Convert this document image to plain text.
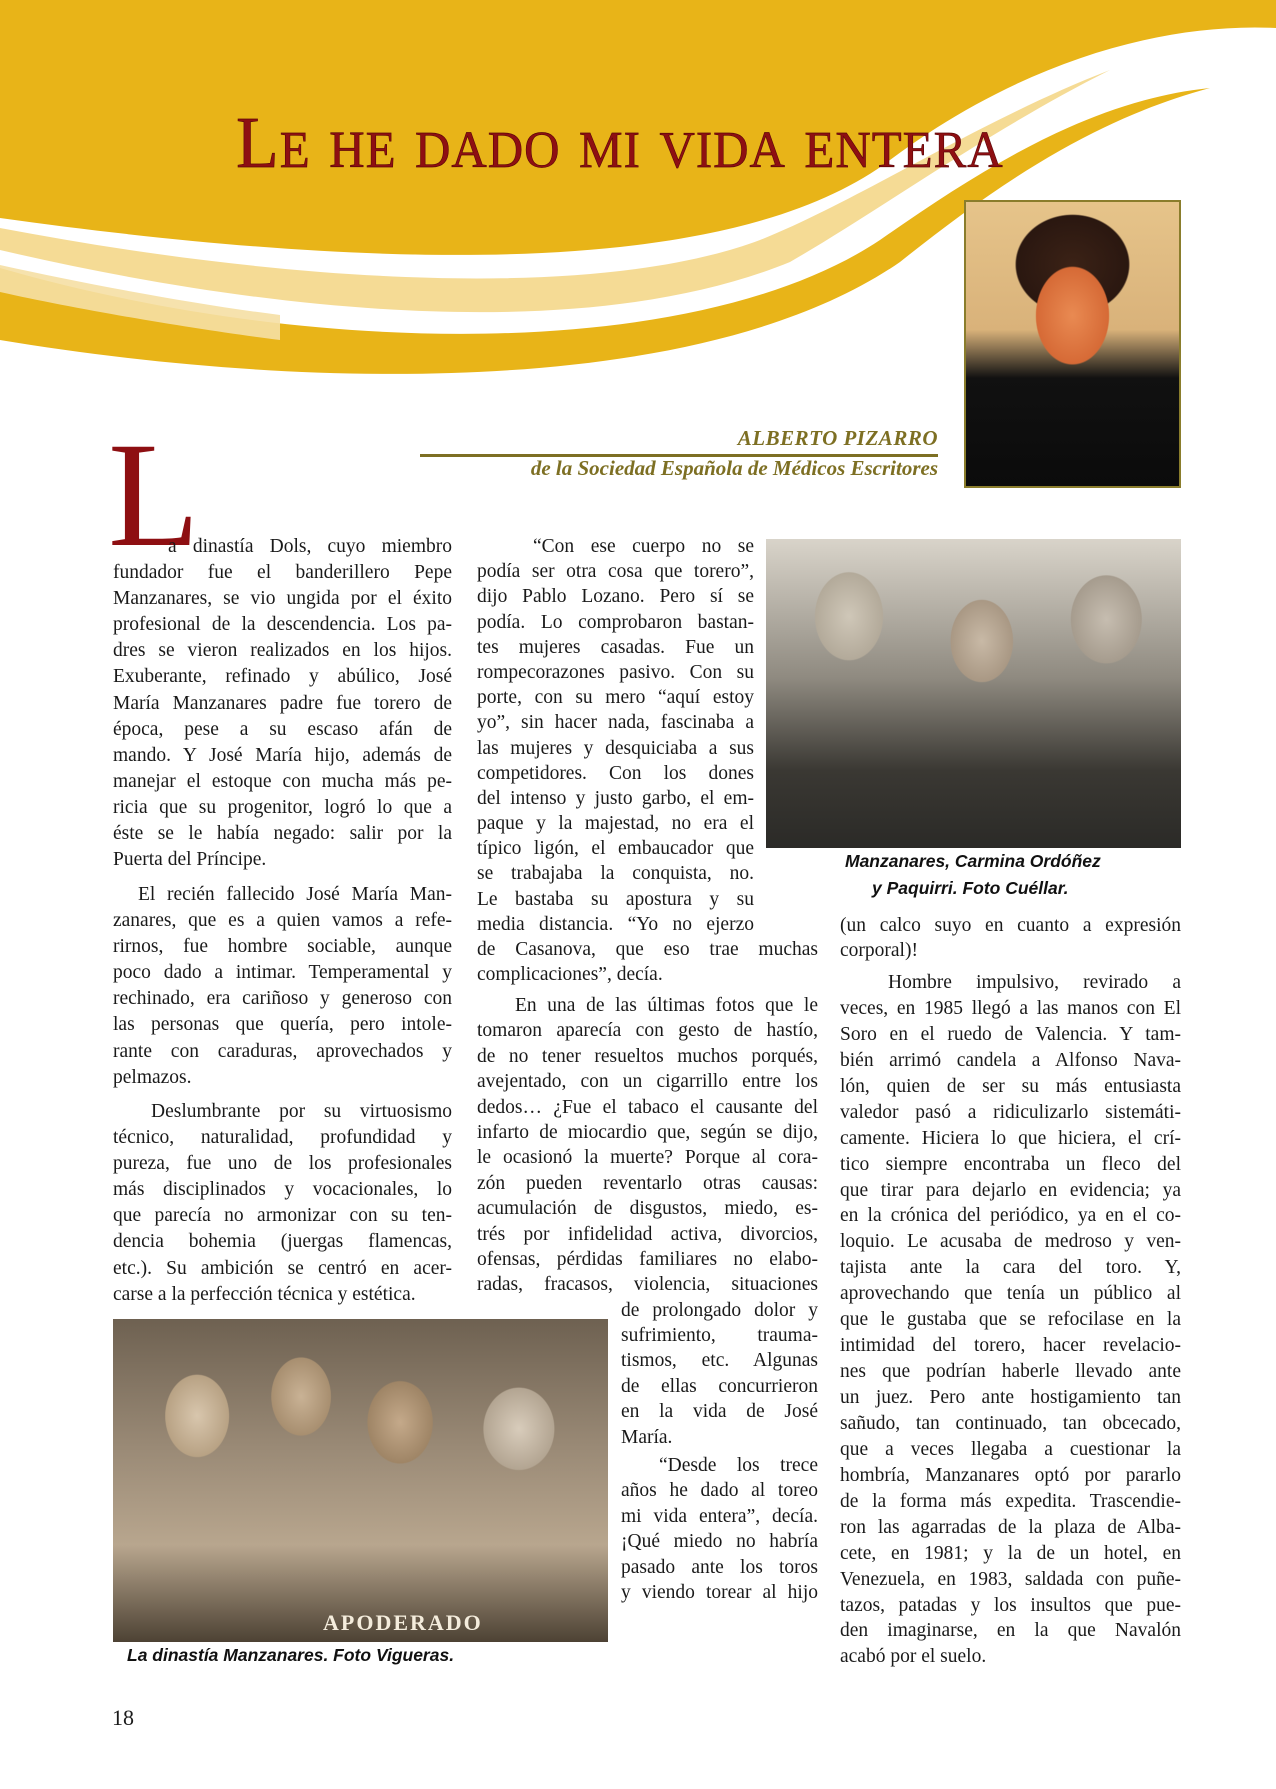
Le he dado mi vida entera
ALBERTO PIZARRO
de la Sociedad Española de Médicos Escritores
L
Manzanares, Carmina Ordóñez
y Paquirri. Foto Cuéllar.
APODERADO
La dinastía Manzanares. Foto Vigueras.
a dinastía Dols, cuyo miembro
fundador fue el banderillero Pepe
Manzanares, se vio ungida por el éxito
profesional de la descendencia. Los pa-
dres se vieron realizados en los hijos.
Exuberante, refinado y abúlico, José
María Manzanares padre fue torero de
época, pese a su escaso afán de
mando. Y José María hijo, además de
manejar el estoque con mucha más pe-
ricia que su progenitor, logró lo que a
éste se le había negado: salir por la
Puerta del Príncipe.
El recién fallecido José María Man-
zanares, que es a quien vamos a refe-
rirnos, fue hombre sociable, aunque
poco dado a intimar. Temperamental y
rechinado, era cariñoso y generoso con
las personas que quería, pero intole-
rante con caraduras, aprovechados y
pelmazos.
Deslumbrante por su virtuosismo
técnico, naturalidad, profundidad y
pureza, fue uno de los profesionales
más disciplinados y vocacionales, lo
que parecía no armonizar con su ten-
dencia bohemia (juergas flamencas,
etc.). Su ambición se centró en acer-
carse a la perfección técnica y estética.
“Con ese cuerpo no se
podía ser otra cosa que torero”,
dijo Pablo Lozano. Pero sí se
podía. Lo comprobaron bastan-
tes mujeres casadas. Fue un
rompecorazones pasivo. Con su
porte, con su mero “aquí estoy
yo”, sin hacer nada, fascinaba a
las mujeres y desquiciaba a sus
competidores. Con los dones
del intenso y justo garbo, el em-
paque y la majestad, no era el
típico ligón, el embaucador que
se trabajaba la conquista, no.
Le bastaba su apostura y su
media distancia. “Yo no ejerzo
de Casanova, que eso trae muchas
complicaciones”, decía.
En una de las últimas fotos que le
tomaron aparecía con gesto de hastío,
de no tener resueltos muchos porqués,
avejentado, con un cigarrillo entre los
dedos… ¿Fue el tabaco el causante del
infarto de miocardio que, según se dijo,
le ocasionó la muerte? Porque al cora-
zón pueden reventarlo otras causas:
acumulación de disgustos, miedo, es-
trés por infidelidad activa, divorcios,
ofensas, pérdidas familiares no elabo-
radas, fracasos, violencia, situaciones
de prolongado dolor y
sufrimiento, trauma-
tismos, etc. Algunas
de ellas concurrieron
en la vida de José
María.
“Desde los trece
años he dado al toreo
mi vida entera”, decía.
¡Qué miedo no habría
pasado ante los toros
y viendo torear al hijo
(un calco suyo en cuanto a expresión
corporal)!
Hombre impulsivo, revirado a
veces, en 1985 llegó a las manos con El
Soro en el ruedo de Valencia. Y tam-
bién arrimó candela a Alfonso Nava-
lón, quien de ser su más entusiasta
valedor pasó a ridiculizarlo sistemáti-
camente. Hiciera lo que hiciera, el crí-
tico siempre encontraba un fleco del
que tirar para dejarlo en evidencia; ya
en la crónica del periódico, ya en el co-
loquio. Le acusaba de medroso y ven-
tajista ante la cara del toro. Y,
aprovechando que tenía un público al
que le gustaba que se refocilase en la
intimidad del torero, hacer revelacio-
nes que podrían haberle llevado ante
un juez. Pero ante hostigamiento tan
sañudo, tan continuado, tan obcecado,
que a veces llegaba a cuestionar la
hombría, Manzanares optó por pararlo
de la forma más expedita. Trascendie-
ron las agarradas de la plaza de Alba-
cete, en 1981; y la de un hotel, en
Venezuela, en 1983, saldada con puñe-
tazos, patadas y los insultos que pue-
den imaginarse, en la que Navalón
acabó por el suelo.
18
